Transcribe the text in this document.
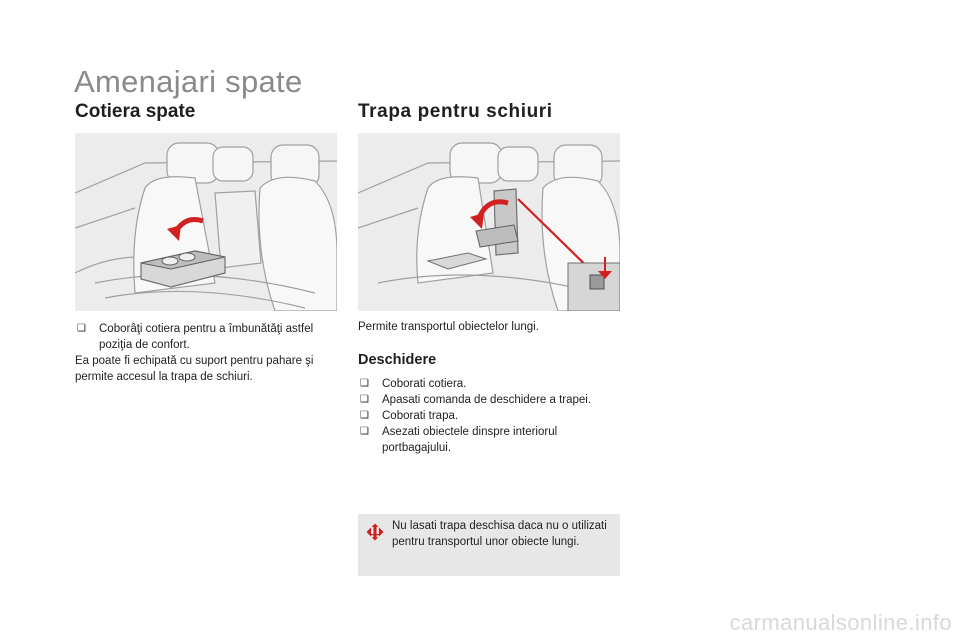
Amenajari spate
Cotiera spate	Trapa pentru schiuri
❏	Coborâţi cotiera pentru a îmbunătăţi astfel poziţia de confort.

Ea poate fi echipată cu suport pentru pahare şi permite accesul la trapa de schiuri.

Permite transportul obiectelor lungi.
Deschidere
❏	Coborati cotiera.
❏	Apasati comanda de deschidere a trapei.
❏	Coborati trapa.
❏	Asezati obiectele dinspre interiorul portbagajului.
Nu lasati trapa deschisa daca nu o utilizati pentru transportul unor obiecte lungi.
carmanualsonline.info
